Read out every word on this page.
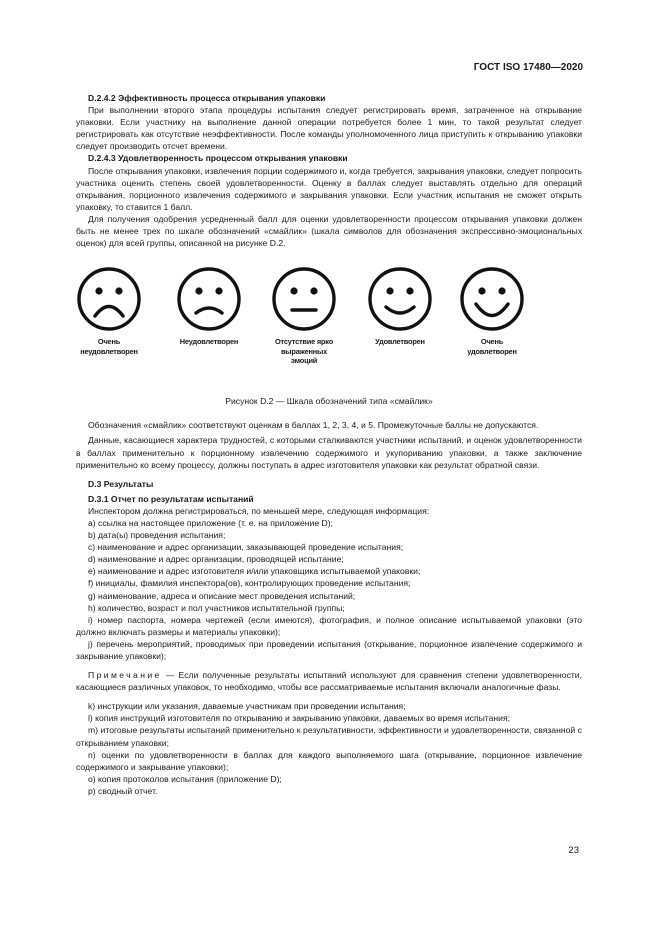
ГОСТ ISO 17480—2020

D.2.4.2 Эффективность процесса открывания упаковки

При выполнении второго этапа процедуры испытания следует регистрировать время, затраченное на открывание упаковки. Если участнику на выполнение данной операции потребуется более 1 мин, то такой результат следует регистрировать как отсутствие неэффективности. После команды уполномоченного лица приступить к открыванию упаковки следует производить отсчет времени.

D.2.4.3 Удовлетворенность процессом открывания упаковки

После открывания упаковки, извлечения порции содержимого и, когда требуется, закрывания упаковки, следует попросить участника оценить степень своей удовлетворенности. Оценку в баллах следует выставлять отдельно для операций открывания, порционного извлечения содержимого и закрывания упаковки. Если участник испытания не сможет открыть упаковку, то ставится 1 балл.

Для получения одобрения усредненный балл для оценки удовлетворенности процессом открывания упаковки должен быть не менее трех по шкале обозначений «смайлик» (шкала символов для обозначения экспрессивно-эмоциональных оценок) для всей группы, описанной на рисунке D.2.

Очень неудовлетворен
Неудовлетворен	Отсутствие ярко выраженных эмоций
Удовлетворен	Очень удовлетворен

Рисунок D.2 — Шкала обозначений типа «смайлик»

Обозначения «смайлик» соответствуют оценкам в баллах 1, 2, 3, 4, и 5. Промежуточные баллы не допускаются.

Данные, касающиеся характера трудностей, с которыми сталкиваются участники испытаний, и оценок удовлетворенности в баллах применительно к порционному извлечению содержимого и укупориванию упаковки, а также заключение применительно ко всему процессу, должны поступать в адрес изготовителя упаковки как результат обратной связи.

D.3 Результаты

D.3.1 Отчет по результатам испытаний

Инспектором должна регистрироваться, по меньшей мере, следующая информация:

a) ссылка на настоящее приложение (т. е. на приложение D);

b) дата(ы) проведения испытания;

c) наименование и адрес организации, заказывающей проведение испытания;

d) наименование и адрес организации, проводящей испытание;

e) наименование и адрес изготовителя и/или упаковщика испытываемой упаковки;

f) инициалы, фамилия инспектора(ов), контролирующих проведение испытания;

g) наименование, адреса и описание мест проведения испытаний;

h) количество, возраст и пол участников испытательной группы;

i) номер паспорта, номера чертежей (если имеются), фотография, и полное описание испытываемой упаковки (это должно включать размеры и материалы упаковки);

j) перечень мероприятий, проводимых при проведении испытания (открывание, порционное извлечение содержимого и закрывание упаковки);

Примечание — Если полученные результаты испытаний используют для сравнения степени удовлетворенности, касающиеся различных упаковок, то необходимо, чтобы все рассматриваемые испытания включали аналогичные фазы.

k) инструкции или указания, даваемые участникам при проведении испытания;

l) копия инструкций изготовителя по открыванию и закрыванию упаковки, даваемых во время испытания;

m) итоговые результаты испытаний применительно к результативности, эффективности и удовлетворенности, связанной с открыванием упаковки;

n) оценки по удовлетворенности в баллах для каждого выполняемого шага (открывание, порционное извлечение содержимого и закрывание упаковки);

o) копия протоколов испытания (приложение D);

p) сводный отчет.

23
